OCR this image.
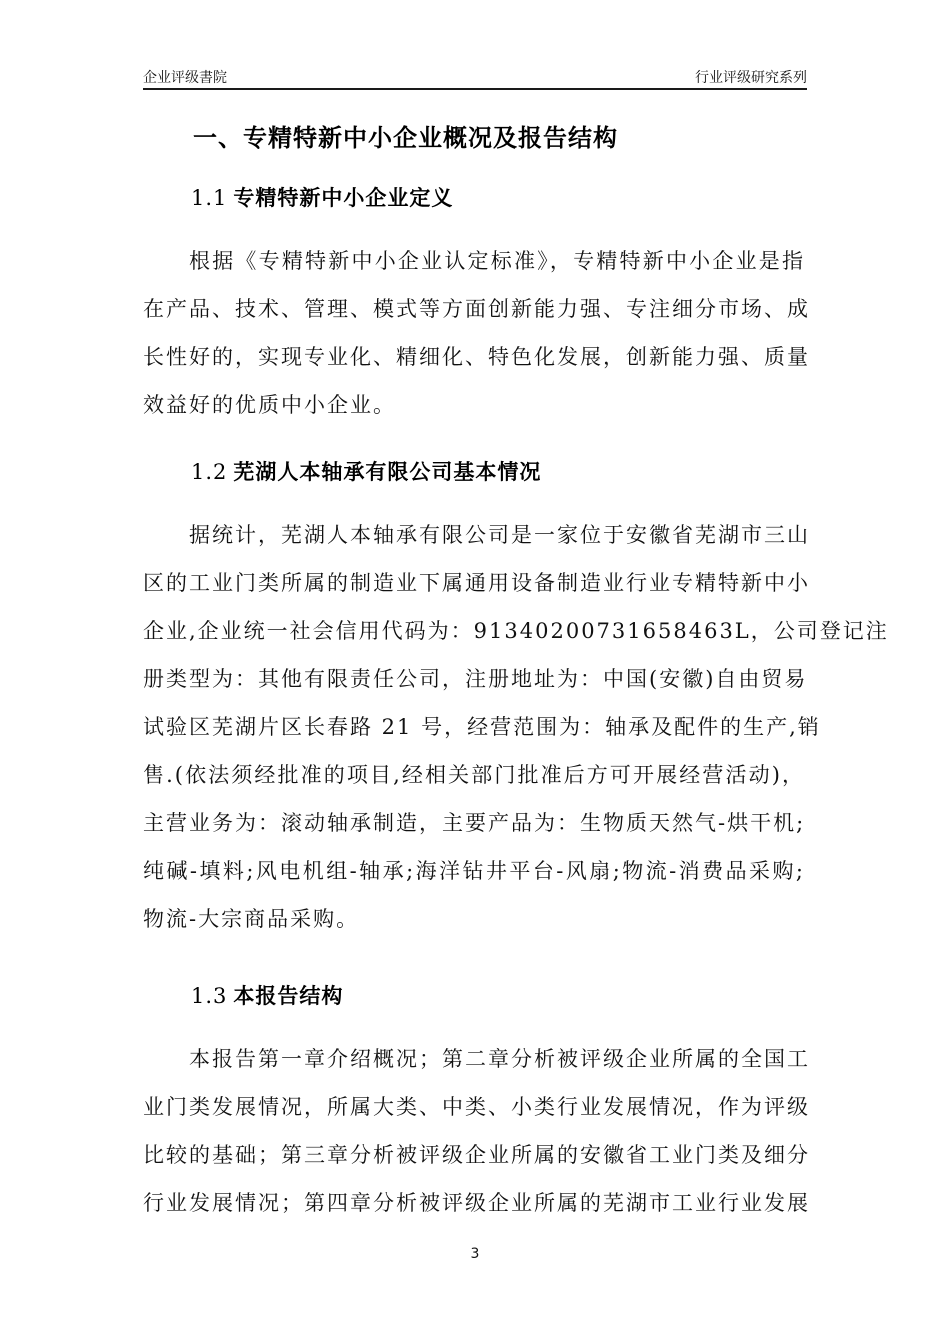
企业评级書院	行业评级研究系列
一、专精特新中小企业概况及报告结构
1.1 专精特新中小企业定义
根据《专精特新中小企业认定标准》，专精特新中小企业是指
在产品、技术、管理、模式等方面创新能力强、专注细分市场、成
长性好的，实现专业化、精细化、特色化发展，创新能力强、质量
效益好的优质中小企业。
1.2 芜湖人本轴承有限公司基本情况
据统计，芜湖人本轴承有限公司是一家位于安徽省芜湖市三山
区的工业门类所属的制造业下属通用设备制造业行业专精特新中小
企业,企业统一社会信用代码为：91340200731658463L，公司登记注
册类型为：其他有限责任公司，注册地址为：中国(安徽)自由贸易
试验区芜湖片区长春路 21 号，经营范围为：轴承及配件的生产,销
售.(依法须经批准的项目,经相关部门批准后方可开展经营活动)，
主营业务为：滚动轴承制造，主要产品为：生物质天然气-烘干机;
纯碱-填料;风电机组-轴承;海洋钻井平台-风扇;物流-消费品采购;
物流-大宗商品采购。
1.3 本报告结构
本报告第一章介绍概况；第二章分析被评级企业所属的全国工
业门类发展情况，所属大类、中类、小类行业发展情况，作为评级
比较的基础；第三章分析被评级企业所属的安徽省工业门类及细分
行业发展情况；第四章分析被评级企业所属的芜湖市工业行业发展
3
